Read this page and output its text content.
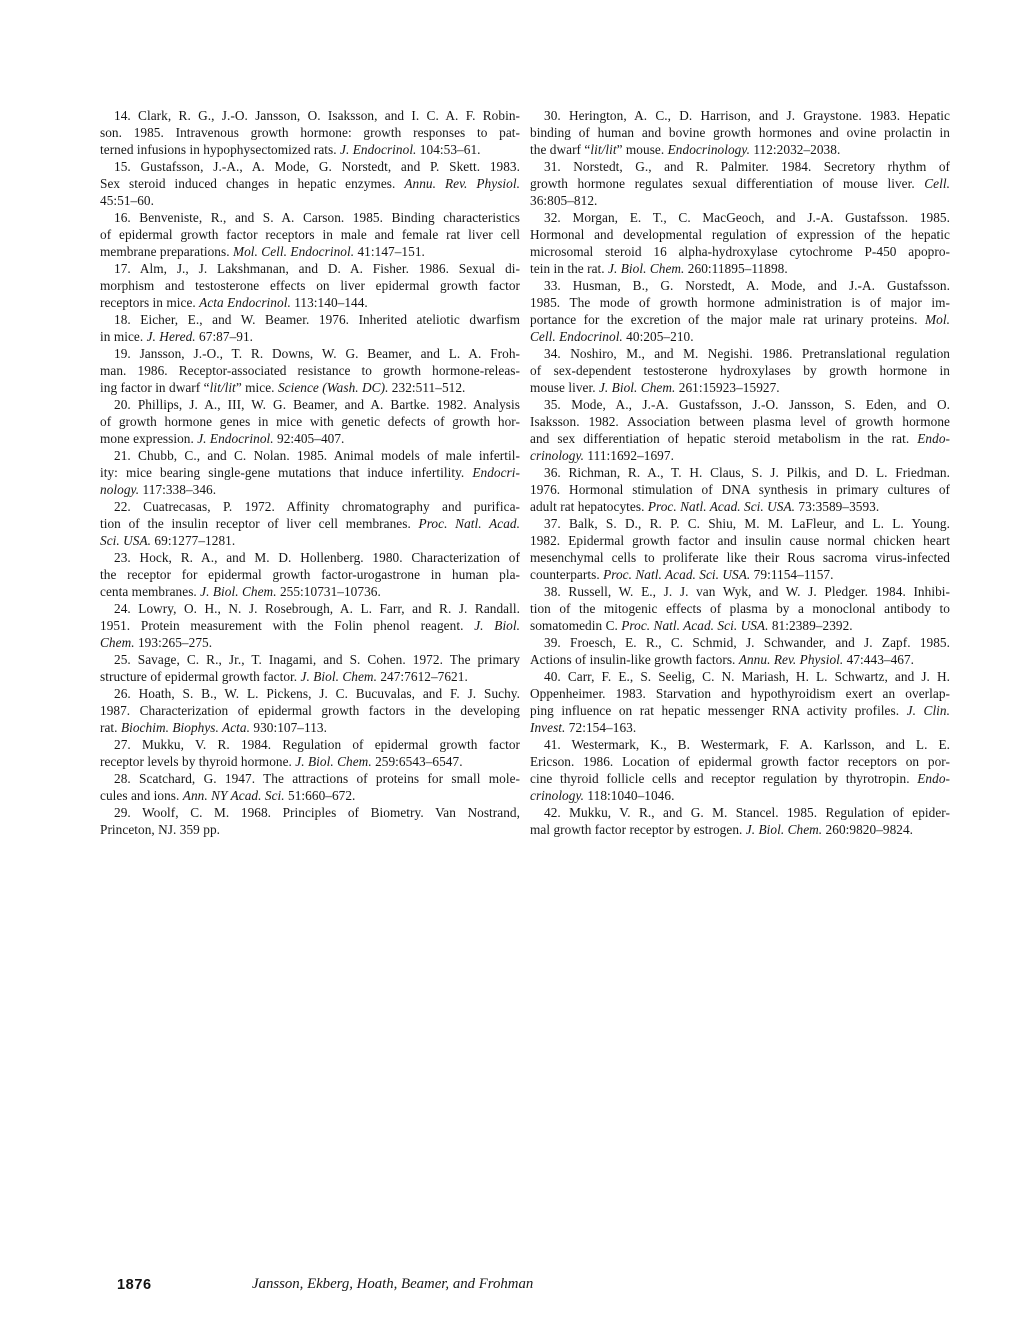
14. Clark, R. G., J.-O. Jansson, O. Isaksson, and I. C. A. F. Robin-
son. 1985. Intravenous growth hormone: growth responses to pat-
terned infusions in hypophysectomized rats. J. Endocrinol. 104:53–61.
15. Gustafsson, J.-A., A. Mode, G. Norstedt, and P. Skett. 1983.
Sex steroid induced changes in hepatic enzymes. Annu. Rev. Physiol.
45:51–60.
16. Benveniste, R., and S. A. Carson. 1985. Binding characteristics
of epidermal growth factor receptors in male and female rat liver cell
membrane preparations. Mol. Cell. Endocrinol. 41:147–151.
17. Alm, J., J. Lakshmanan, and D. A. Fisher. 1986. Sexual di-
morphism and testosterone effects on liver epidermal growth factor
receptors in mice. Acta Endocrinol. 113:140–144.
18. Eicher, E., and W. Beamer. 1976. Inherited ateliotic dwarfism
in mice. J. Hered. 67:87–91.
19. Jansson, J.-O., T. R. Downs, W. G. Beamer, and L. A. Froh-
man. 1986. Receptor-associated resistance to growth hormone-releas-
ing factor in dwarf “lit/lit” mice. Science (Wash. DC). 232:511–512.
20. Phillips, J. A., III, W. G. Beamer, and A. Bartke. 1982. Analysis
of growth hormone genes in mice with genetic defects of growth hor-
mone expression. J. Endocrinol. 92:405–407.
21. Chubb, C., and C. Nolan. 1985. Animal models of male infertil-
ity: mice bearing single-gene mutations that induce infertility. Endocri-
nology. 117:338–346.
22. Cuatrecasas, P. 1972. Affinity chromatography and purifica-
tion of the insulin receptor of liver cell membranes. Proc. Natl. Acad.
Sci. USA. 69:1277–1281.
23. Hock, R. A., and M. D. Hollenberg. 1980. Characterization of
the receptor for epidermal growth factor-urogastrone in human pla-
centa membranes. J. Biol. Chem. 255:10731–10736.
24. Lowry, O. H., N. J. Rosebrough, A. L. Farr, and R. J. Randall.
1951. Protein measurement with the Folin phenol reagent. J. Biol.
Chem. 193:265–275.
25. Savage, C. R., Jr., T. Inagami, and S. Cohen. 1972. The primary
structure of epidermal growth factor. J. Biol. Chem. 247:7612–7621.
26. Hoath, S. B., W. L. Pickens, J. C. Bucuvalas, and F. J. Suchy.
1987. Characterization of epidermal growth factors in the developing
rat. Biochim. Biophys. Acta. 930:107–113.
27. Mukku, V. R. 1984. Regulation of epidermal growth factor
receptor levels by thyroid hormone. J. Biol. Chem. 259:6543–6547.
28. Scatchard, G. 1947. The attractions of proteins for small mole-
cules and ions. Ann. NY Acad. Sci. 51:660–672.
29. Woolf, C. M. 1968. Principles of Biometry. Van Nostrand,
Princeton, NJ. 359 pp.
30. Herington, A. C., D. Harrison, and J. Graystone. 1983. Hepatic
binding of human and bovine growth hormones and ovine prolactin in
the dwarf “lit/lit” mouse. Endocrinology. 112:2032–2038.
31. Norstedt, G., and R. Palmiter. 1984. Secretory rhythm of
growth hormone regulates sexual differentiation of mouse liver. Cell.
36:805–812.
32. Morgan, E. T., C. MacGeoch, and J.-A. Gustafsson. 1985.
Hormonal and developmental regulation of expression of the hepatic
microsomal steroid 16 alpha-hydroxylase cytochrome P-450 apopro-
tein in the rat. J. Biol. Chem. 260:11895–11898.
33. Husman, B., G. Norstedt, A. Mode, and J.-A. Gustafsson.
1985. The mode of growth hormone administration is of major im-
portance for the excretion of the major male rat urinary proteins. Mol.
Cell. Endocrinol. 40:205–210.
34. Noshiro, M., and M. Negishi. 1986. Pretranslational regulation
of sex-dependent testosterone hydroxylases by growth hormone in
mouse liver. J. Biol. Chem. 261:15923–15927.
35. Mode, A., J.-A. Gustafsson, J.-O. Jansson, S. Eden, and O.
Isaksson. 1982. Association between plasma level of growth hormone
and sex differentiation of hepatic steroid metabolism in the rat. Endo-
crinology. 111:1692–1697.
36. Richman, R. A., T. H. Claus, S. J. Pilkis, and D. L. Friedman.
1976. Hormonal stimulation of DNA synthesis in primary cultures of
adult rat hepatocytes. Proc. Natl. Acad. Sci. USA. 73:3589–3593.
37. Balk, S. D., R. P. C. Shiu, M. M. LaFleur, and L. L. Young.
1982. Epidermal growth factor and insulin cause normal chicken heart
mesenchymal cells to proliferate like their Rous sacroma virus-infected
counterparts. Proc. Natl. Acad. Sci. USA. 79:1154–1157.
38. Russell, W. E., J. J. van Wyk, and W. J. Pledger. 1984. Inhibi-
tion of the mitogenic effects of plasma by a monoclonal antibody to
somatomedin C. Proc. Natl. Acad. Sci. USA. 81:2389–2392.
39. Froesch, E. R., C. Schmid, J. Schwander, and J. Zapf. 1985.
Actions of insulin-like growth factors. Annu. Rev. Physiol. 47:443–467.
40. Carr, F. E., S. Seelig, C. N. Mariash, H. L. Schwartz, and J. H.
Oppenheimer. 1983. Starvation and hypothyroidism exert an overlap-
ping influence on rat hepatic messenger RNA activity profiles. J. Clin.
Invest. 72:154–163.
41. Westermark, K., B. Westermark, F. A. Karlsson, and L. E.
Ericson. 1986. Location of epidermal growth factor receptors on por-
cine thyroid follicle cells and receptor regulation by thyrotropin. Endo-
crinology. 118:1040–1046.
42. Mukku, V. R., and G. M. Stancel. 1985. Regulation of epider-
mal growth factor receptor by estrogen. J. Biol. Chem. 260:9820–9824.
1876	Jansson, Ekberg, Hoath, Beamer, and Frohman
